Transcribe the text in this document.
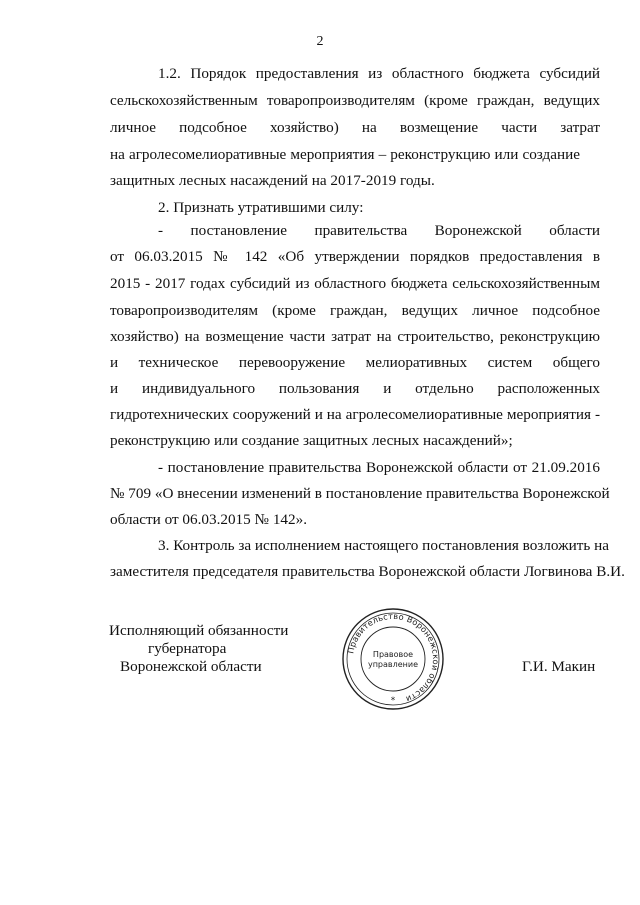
2
1.2. Порядок предоставления из областного бюджета субсидий
сельскохозяйственным товаропроизводителям (кроме граждан, ведущих
личное подсобное хозяйство) на возмещение части затрат
на агролесомелиоративные мероприятия – реконструкцию или создание
защитных лесных насаждений на 2017-2019 годы.
2. Признать утратившими силу:
- постановление правительства Воронежской области
от 06.03.2015 № 142 «Об утверждении порядков предоставления в
2015 - 2017 годах субсидий из областного бюджета сельскохозяйственным
товаропроизводителям (кроме граждан, ведущих личное подсобное
хозяйство) на возмещение части затрат на строительство, реконструкцию
и техническое перевооружение мелиоративных систем общего
и индивидуального пользования и отдельно расположенных
гидротехнических сооружений и на агролесомелиоративные мероприятия -
реконструкцию или создание защитных лесных насаждений»;
- постановление правительства Воронежской области от 21.09.2016
№ 709 «О внесении изменений в постановление правительства Воронежской
области от 06.03.2015 № 142».
3. Контроль за исполнением настоящего постановления возложить на
заместителя председателя правительства Воронежской области Логвинова В.И.
Исполняющий обязанности
губернатора
Воронежской области	Г.И. Макин
Правительство Воронежской области
Правовое
управление
*
